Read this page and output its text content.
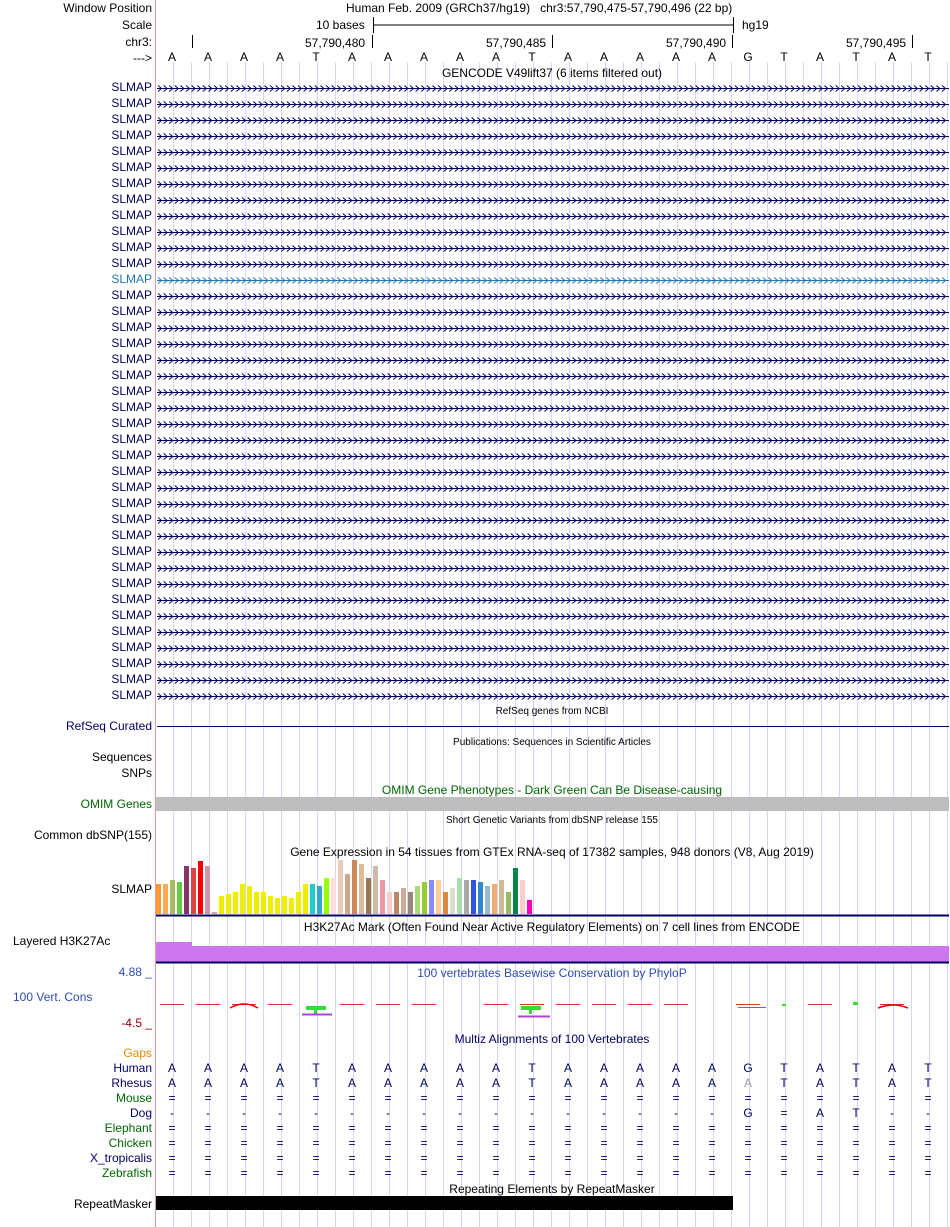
Window Position
Scale
chr3:
--->
Human Feb. 2009 (GRCh37/hg19) chr3:57,790,475-57,790,496 (22 bp)
10 bases	hg19
57,790,480	57,790,485	57,790,490	57,790,495
A A A A T A A A A A T A A A A A G T A T A T
GENCODE V49lift37 (6 items filtered out)
SLMAP
SLMAP
SLMAP
SLMAP
SLMAP
SLMAP
SLMAP
SLMAP
SLMAP
SLMAP
SLMAP
SLMAP
SLMAP
SLMAP
SLMAP
SLMAP
SLMAP
SLMAP
SLMAP
SLMAP
SLMAP
SLMAP
SLMAP
SLMAP
SLMAP
SLMAP
SLMAP
SLMAP
SLMAP
SLMAP
SLMAP
SLMAP
SLMAP
SLMAP
SLMAP
SLMAP
SLMAP
SLMAP
SLMAP
RefSeq genes from NCBI
RefSeq Curated
Publications: Sequences in Scientific Articles
Sequences
SNPs
OMIM Gene Phenotypes - Dark Green Can Be Disease-causing
OMIM Genes
Short Genetic Variants from dbSNP release 155
Common dbSNP(155)
Gene Expression in 54 tissues from GTEx RNA-seq of 17382 samples, 948 donors (V8, Aug 2019)
SLMAP
H3K27Ac Mark (Often Found Near Active Regulatory Elements) on 7 cell lines from ENCODE
Layered H3K27Ac
100 vertebrates Basewise Conservation by PhyloP
4.88 _
100 Vert. Cons
-4.5 _
Multiz Alignments of 100 Vertebrates
Gaps
Human A A A A T A A A A A T A A A A A G T A T A T
Rhesus A A A A T A A A A A T A A A A A A T A T A T
Mouse = = = = = = = = = = = = = = = = = = = = = =
Dog -	-	-	-	-	-	-	-	-	-	-	-	-	-	-	- G = A T	-	-
Elephant = = = = = = = = = = = = = = = = = = = = = =
Chicken = = = = = = = = = = = = = = = = = = = = = =
X_tropicalis = = = = = = = = = = = = = = = = = = = = = =
Zebrafish = = = = = = = = = = = = = = = = = = = = = =
Repeating Elements by RepeatMasker
RepeatMasker
